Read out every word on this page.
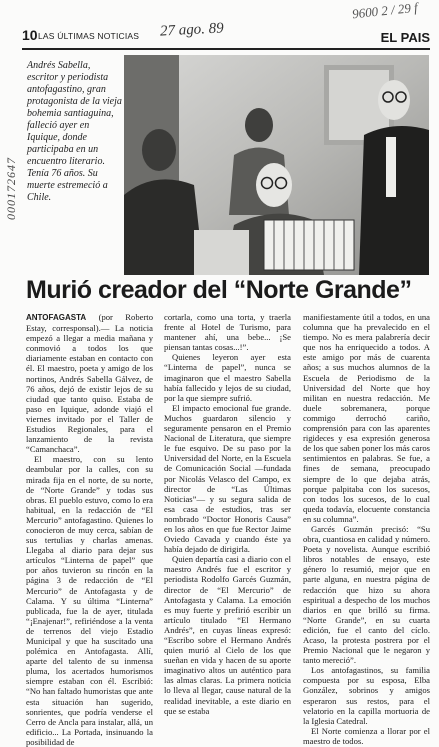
10 LAS ÚLTIMAS NOTICIAS 27 ago. 89	EL PAIS
9600 2 / 29 f
000172647
Andrés Sabella, escritor y periodista antofagastino, gran protagonista de la vieja bohemia santiaguina, falleció ayer en Iquique, donde participaba en un encuentro literario. Tenía 76 años. Su muerte estremeció a Chile.
Murió creador del “Norte Grande”

ANTOFAGASTA (por Roberto Estay, corresponsal).— La noticia empezó a llegar a media mañana y conmovió a todos los que diariamente estaban en contacto con él. El maestro, poeta y amigo de los nortinos, Andrés Sabella Gálvez, de 76 años, dejó de existir lejos de su ciudad que tanto quiso. Estaba de paso en Iquique, adonde viajó el viernes invitado por el Taller de Estudios Regionales, para el lanzamiento de la revista “Camanchaca”.

El maestro, con su lento deambular por la calles, con su mirada fija en el norte, de su norte, de “Norte Grande” y todas sus obras. El pueblo estuvo, como lo era habitual, en la redacción de “El Mercurio” antofagastino. Quienes lo conocieron de muy cerca, sabían de sus tertulias y charlas amenas. Llegaba al diario para dejar sus artículos “Linterna de papel” que por años tuvieron su rincón en la página 3 de redacción de “El Mercurio” de Antofagasta y de Calama. Y su última “Linterna” publicada, fue la de ayer, titulada “¡Enajenar!”, refiriéndose a la venta de terrenos del viejo Estadio Municipal y que ha suscitado una polémica en Antofagasta. Allí, aparte del talento de su inmensa pluma, los acertados humorismos siempre estaban con él. Escribió: “No han faltado humoristas que ante esta situación han sugerido, sonrientes, que podría venderse el Cerro de Ancla para instalar, allá, un edificio... La Portada, insinuando la posibilidad de

cortarla, como una torta, y traerla frente al Hotel de Turismo, para mantener ahí, una bebe... ¡Se piensan tantas cosas...!”.

Quienes leyeron ayer esta “Linterna de papel”, nunca se imaginaron que el maestro Sabella había fallecido y lejos de su ciudad, por la que siempre sufrió.

El impacto emocional fue grande. Muchos guardaron silencio y seguramente pensaron en el Premio Nacional de Literatura, que siempre le fue esquivo. De su paso por la Universidad del Norte, en la Escuela de Comunicación Social —fundada por Nicolás Velasco del Campo, ex director de “Las Últimas Noticias”— y su segura salida de esa casa de estudios, tras ser nombrado “Doctor Honoris Causa” en los años en que fue Rector Jaime Oviedo Cavada y cuando éste ya había dejado de dirigirla.

Quien departía casi a diario con el maestro Andrés fue el escritor y periodista Rodolfo Garcés Guzmán, director de “El Mercurio” de Antofagasta y Calama. La emoción es muy fuerte y prefirió escribir un artículo titulado “El Hermano Andrés”, en cuyas líneas expresó: “Escribo sobre el Hermano Andrés quien murió al Cielo de los que sueñan en vida y hacen de su aporte imaginativo altos un auténtico para las almas claras. La primera noticia lo lleva al llegar, cause natural de la realidad inevitable, a este diario en que se estaba

manifiestamente útil a todos, en una columna que ha prevalecido en el tiempo. No es mera palabrería decir que nos ha enriquecido a todos. A este amigo por más de cuarenta años; a sus muchos alumnos de la Escuela de Periodismo de la Universidad del Norte que hoy militan en nuestra redacción. Me duele sobremanera, porque commigo derrochó cariño, comprensión para con las aparentes rigideces y esa expresión generosa de los que saben poner los más caros sentimientos en palabras. Se fue, a fines de semana, preocupado siempre de lo que dejaba atrás, porque palpitaba con los sucesos, con todos los sucesos, de lo cual queda todavía, elocuente constancia en su columna”.

Garcés Guzmán precisó: “Su obra, cuantiosa en calidad y número. Poeta y novelista. Aunque escribió libros notables de ensayo, este género lo resumió, mejor que en parte alguna, en nuestra página de redacción que hizo su ahora espiritual a despecho de los muchos diarios en que brilló su firma. “Norte Grande”, en su cuarta edición, fue el canto del cíclo. Acaso, la protesta postrera por el Premio Nacional que le negaron y tanto mereció”.

Los antofagastinos, su familia compuesta por su esposa, Elba González, sobrinos y amigos esperaron sus restos, para el velatorio en la capilla mortuoria de la Iglesia Catedral.

El Norte comienza a llorar por el maestro de todos.
